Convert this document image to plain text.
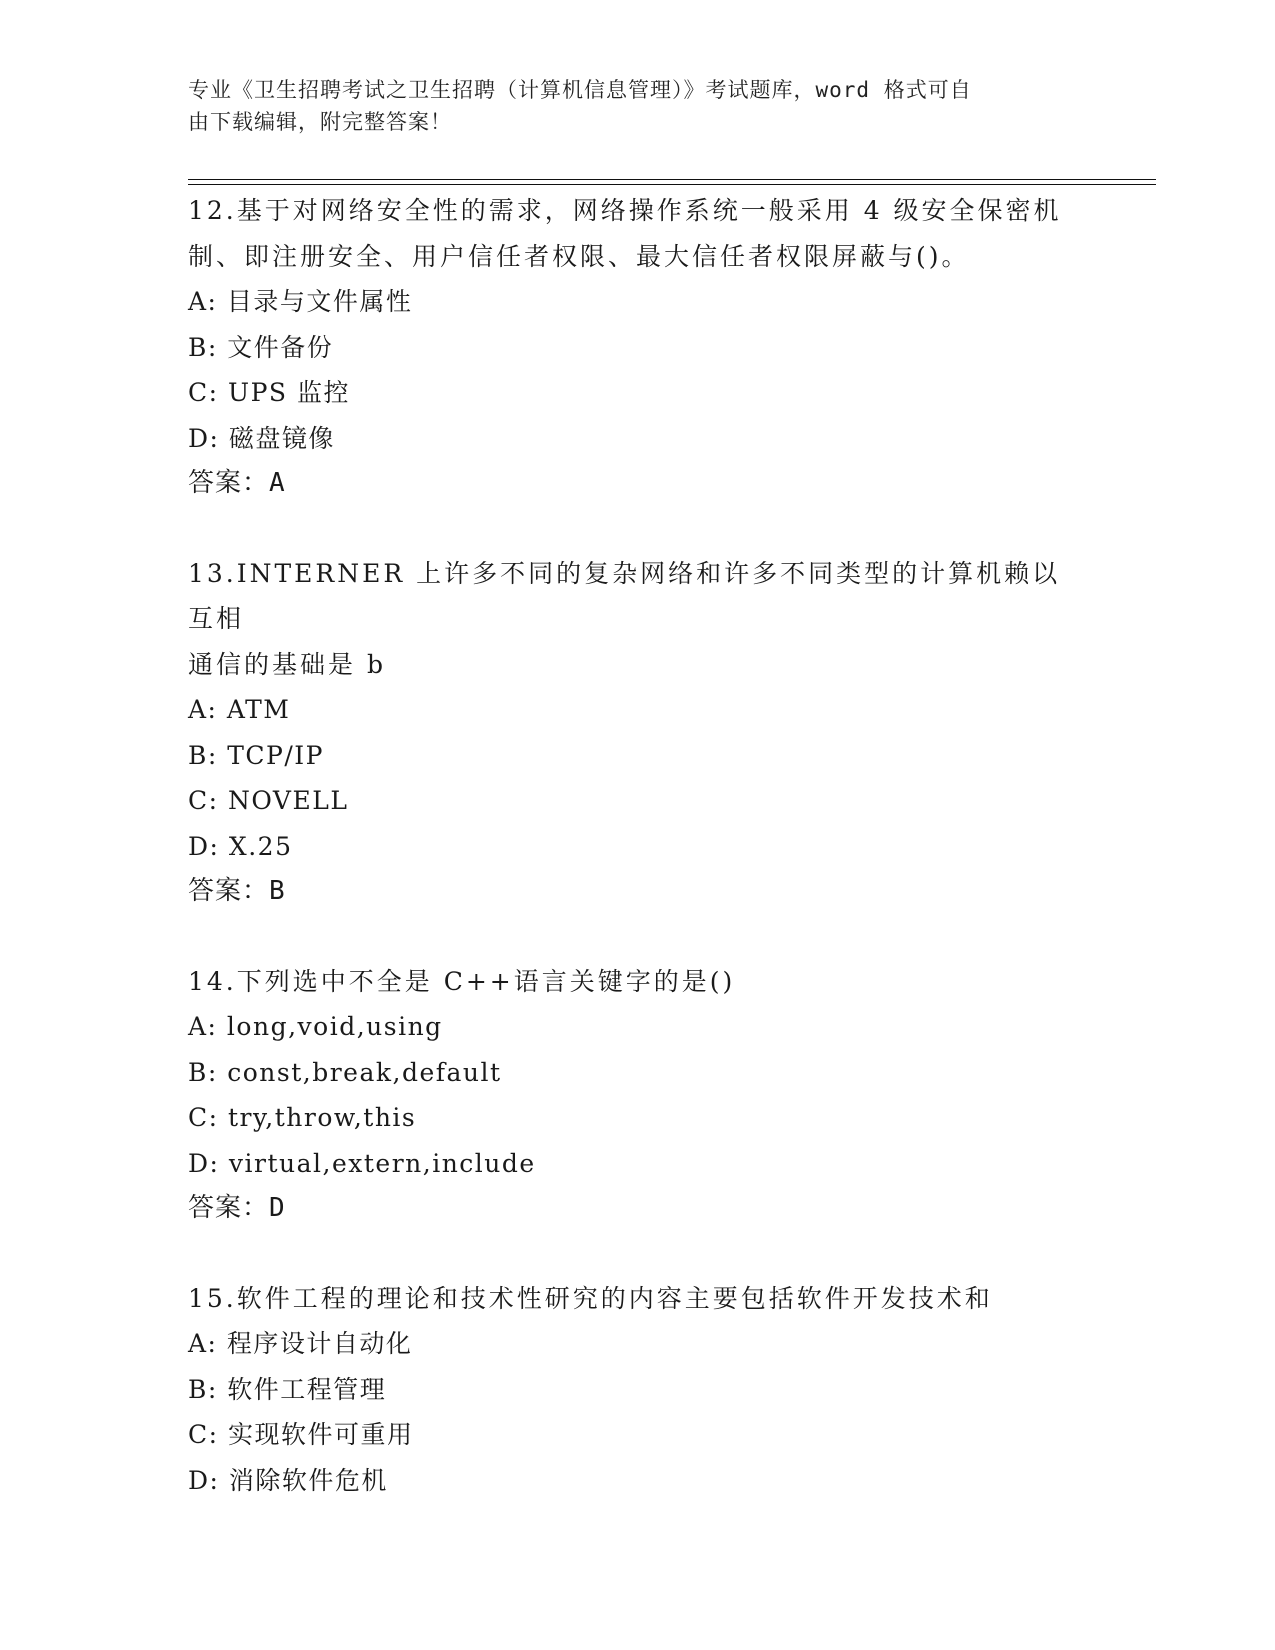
专业《卫生招聘考试之卫生招聘（计算机信息管理）》考试题库，word 格式可自

由下载编辑，附完整答案！

12.基于对网络安全性的需求，网络操作系统一般采用 4 级安全保密机

制、即注册安全、用户信任者权限、最大信任者权限屏蔽与()。

A: 目录与文件属性

B: 文件备份

C: UPS 监控

D: 磁盘镜像

答案：A

13.INTERNER 上许多不同的复杂网络和许多不同类型的计算机赖以互相

通信的基础是 b

A: ATM

B: TCP/IP

C: NOVELL

D: X.25

答案：B

14.下列选中不全是 C++语言关键字的是()

A: long,void,using

B: const,break,default

C: try,throw,this

D: virtual,extern,include

答案：D

15.软件工程的理论和技术性研究的内容主要包括软件开发技术和

A: 程序设计自动化

B: 软件工程管理

C: 实现软件可重用

D: 消除软件危机
